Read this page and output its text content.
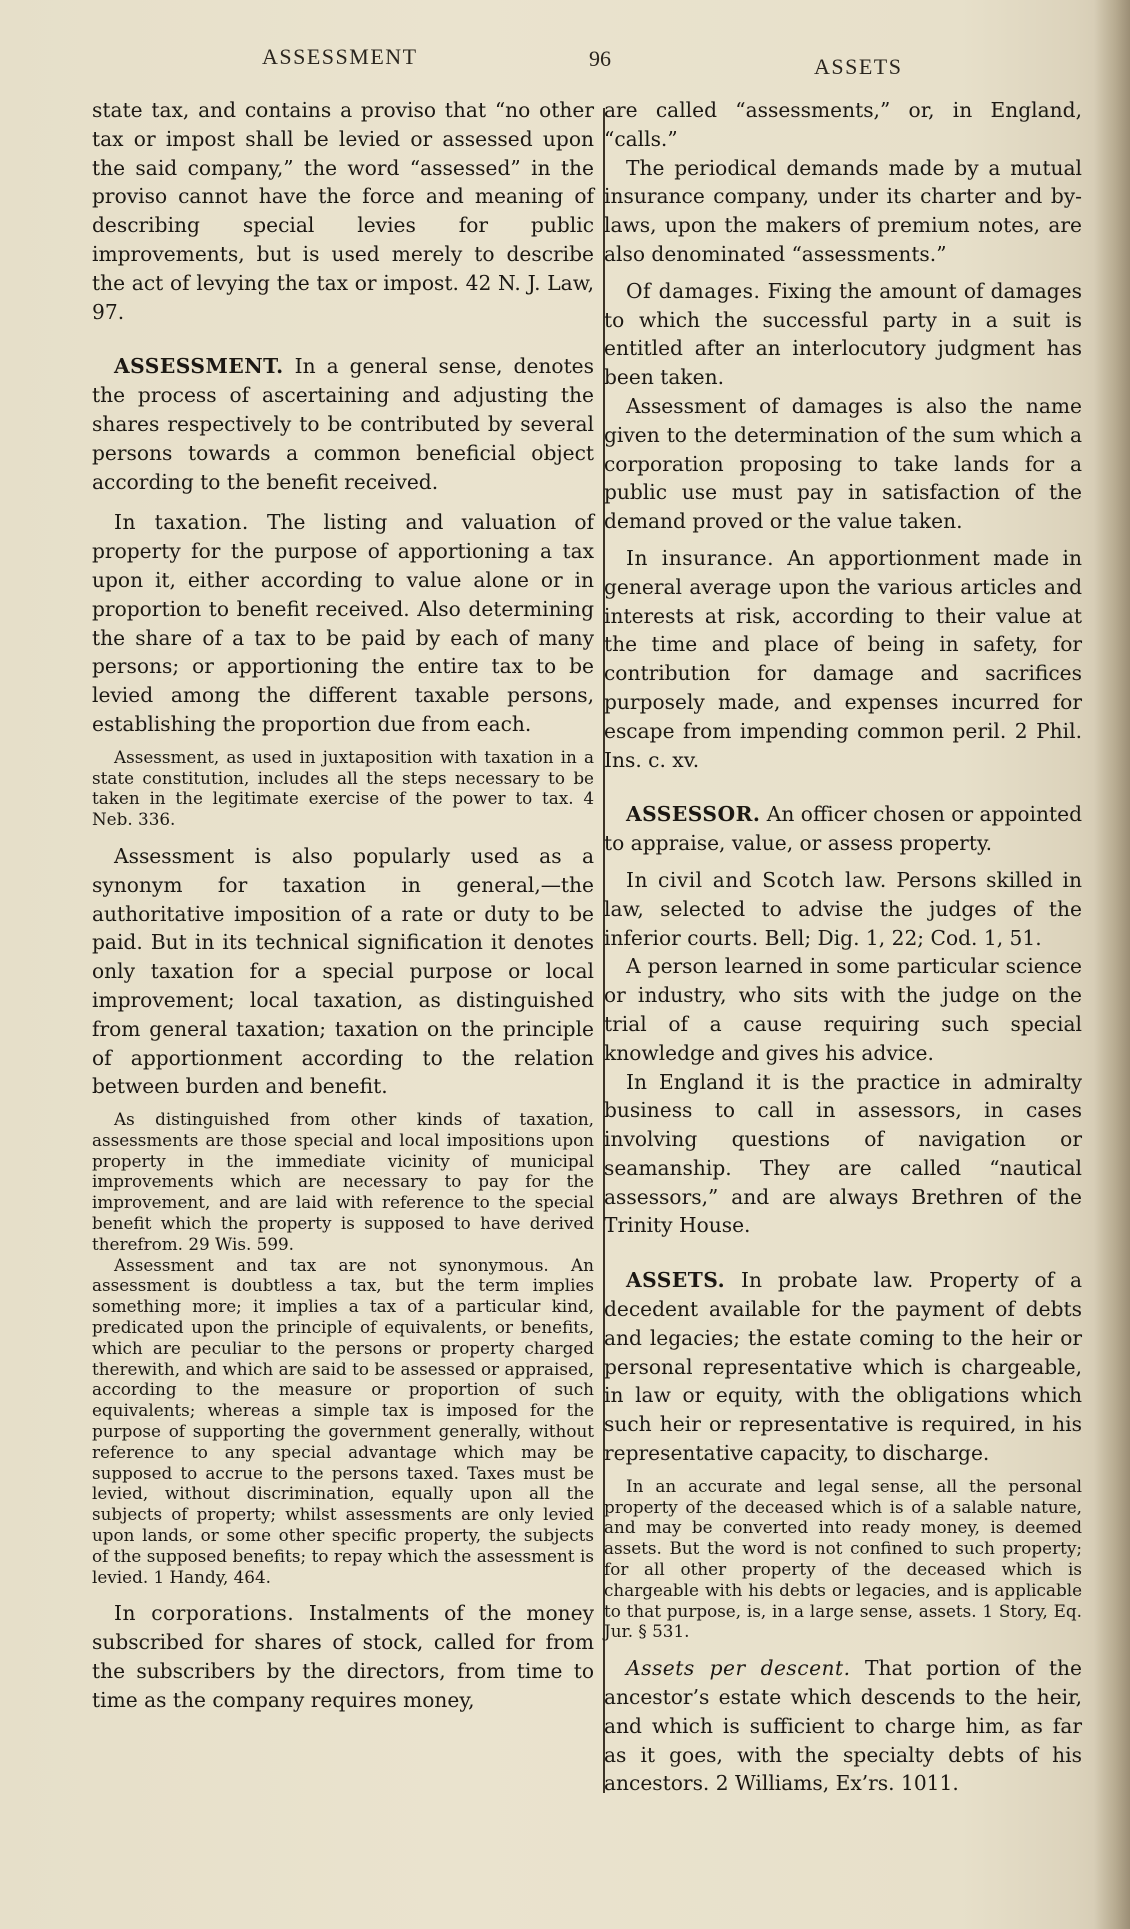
ASSESSMENT	96	ASSETS

state tax, and contains a proviso that “no other tax or impost shall be levied or assessed upon the said company,” the word “assessed” in the proviso cannot have the force and meaning of describing special levies for public improvements, but is used merely to describe the act of levying the tax or impost. 42 N. J. Law, 97.

ASSESSMENT. In a general sense, denotes the process of ascertaining and adjusting the shares respectively to be contributed by several persons towards a common beneficial object according to the benefit received.

In taxation. The listing and valuation of property for the purpose of apportioning a tax upon it, either according to value alone or in proportion to benefit received. Also determining the share of a tax to be paid by each of many persons; or apportioning the entire tax to be levied among the different taxable persons, establishing the proportion due from each.

Assessment, as used in juxtaposition with taxation in a state constitution, includes all the steps necessary to be taken in the legitimate exercise of the power to tax. 4 Neb. 336.

Assessment is also popularly used as a synonym for taxation in general,—the authoritative imposition of a rate or duty to be paid. But in its technical signification it denotes only taxation for a special purpose or local improvement; local taxation, as distinguished from general taxation; taxation on the principle of apportionment according to the relation between burden and benefit.

As distinguished from other kinds of taxation, assessments are those special and local impositions upon property in the immediate vicinity of municipal improvements which are necessary to pay for the improvement, and are laid with reference to the special benefit which the property is supposed to have derived therefrom. 29 Wis. 599.

Assessment and tax are not synonymous. An assessment is doubtless a tax, but the term implies something more; it implies a tax of a particular kind, predicated upon the principle of equivalents, or benefits, which are peculiar to the persons or property charged therewith, and which are said to be assessed or appraised, according to the measure or proportion of such equivalents; whereas a simple tax is imposed for the purpose of supporting the government generally, without reference to any special advantage which may be supposed to accrue to the persons taxed. Taxes must be levied, without discrimination, equally upon all the subjects of property; whilst assessments are only levied upon lands, or some other specific property, the subjects of the supposed benefits; to repay which the assessment is levied. 1 Handy, 464.

In corporations. Instalments of the money subscribed for shares of stock, called for from the subscribers by the directors, from time to time as the company requires money,

are called “assessments,” or, in England, “calls.”

The periodical demands made by a mutual insurance company, under its charter and by-laws, upon the makers of premium notes, are also denominated “assessments.”

Of damages. Fixing the amount of damages to which the successful party in a suit is entitled after an interlocutory judgment has been taken.

Assessment of damages is also the name given to the determination of the sum which a corporation proposing to take lands for a public use must pay in satisfaction of the demand proved or the value taken.

In insurance. An apportionment made in general average upon the various articles and interests at risk, according to their value at the time and place of being in safety, for contribution for damage and sacrifices purposely made, and expenses incurred for escape from impending common peril. 2 Phil. Ins. c. xv.

ASSESSOR. An officer chosen or appointed to appraise, value, or assess property.

In civil and Scotch law. Persons skilled in law, selected to advise the judges of the inferior courts. Bell; Dig. 1, 22; Cod. 1, 51.

A person learned in some particular science or industry, who sits with the judge on the trial of a cause requiring such special knowledge and gives his advice.

In England it is the practice in admiralty business to call in assessors, in cases involving questions of navigation or seamanship. They are called “nautical assessors,” and are always Brethren of the Trinity House.

ASSETS. In probate law. Property of a decedent available for the payment of debts and legacies; the estate coming to the heir or personal representative which is chargeable, in law or equity, with the obligations which such heir or representative is required, in his representative capacity, to discharge.

In an accurate and legal sense, all the personal property of the deceased which is of a salable nature, and may be converted into ready money, is deemed assets. But the word is not confined to such property; for all other property of the deceased which is chargeable with his debts or legacies, and is applicable to that purpose, is, in a large sense, assets. 1 Story, Eq. Jur. § 531.

Assets per descent. That portion of the ancestor’s estate which descends to the heir, and which is sufficient to charge him, as far as it goes, with the specialty debts of his ancestors. 2 Williams, Ex’rs. 1011.
